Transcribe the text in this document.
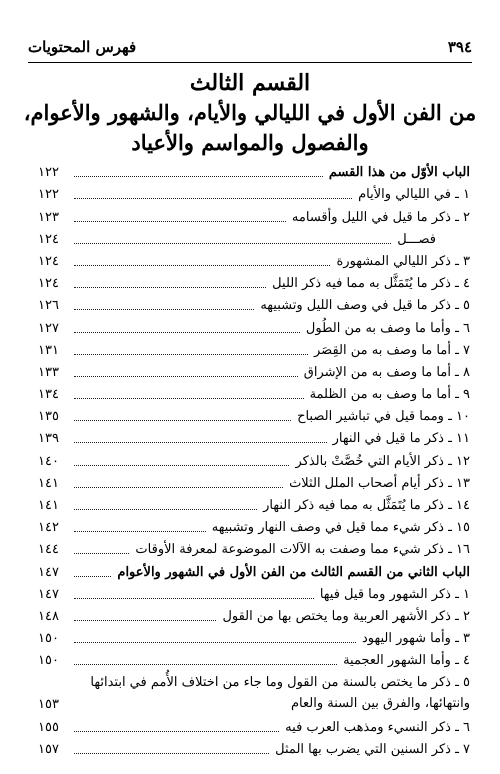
٣٩٤
فهرس المحتويات
القسم الثالث
من الفن الأول في الليالي والأيام، والشهور والأعوام،
والفصول والمواسم والأعياد
الباب الأوّل من هذا القسم
١٢٢
١ ـ في الليالي والأيام
١٢٢
٢ ـ ذكر ما قيل في الليل وأقسامه
١٢٣
فصـــل
١٢٤
٣ ـ ذكر الليالي المشهورة
١٢٤
٤ ـ ذكر ما يُتَمَثَّل به مما فيه ذكر الليل
١٢٤
٥ ـ ذكر ما قيل في وصف الليل وتشبيهه
١٢٦
٦ ـ وأما ما وصف به من الطُول
١٢٧
٧ ـ أما ما وصف به من القِصَر
١٣١
٨ ـ أما ما وصف به من الإشراق
١٣٣
٩ ـ أما ما وصف به من الظلمة
١٣٤
١٠ ـ ومما قيل في تباشير الصباح
١٣٥
١١ ـ ذكر ما قيل في النهار
١٣٩
١٢ ـ ذكر الأيام التي خُصَّتْ بالذكر
١٤٠
١٣ ـ ذكر أيام أصحاب الملل الثلاث
١٤١
١٤ ـ ذكر ما يُتَمَثَّل به مما فيه ذكر النهار
١٤١
١٥ ـ ذكر شيء مما قيل في وصف النهار وتشبيهه
١٤٢
١٦ ـ ذكر شيء مما وصفت به الآلات الموضوعة لمعرفة الأوقات
١٤٤
الباب الثاني من القسم الثالث من الفن الأول في الشهور والأعوام
١٤٧
١ ـ ذكر الشهور وما قيل فيها
١٤٧
٢ ـ ذكر الأشهر العربية وما يختص بها من القول
١٤٨
٣ ـ وأما شهور اليهود
١٥٠
٤ ـ وأما الشهور العجمية
١٥٠
٥ ـ ذكر ما يختص بالسنة من القول وما جاء من اختلاف الأُمم في ابتدائها وانتهائها، والفرق بين السنة والعام
١٥٣
٦ ـ ذكر النسيء ومذهب العرب فيه
١٥٥
٧ ـ ذكر السنين التي يضرب بها المثل
١٥٧
